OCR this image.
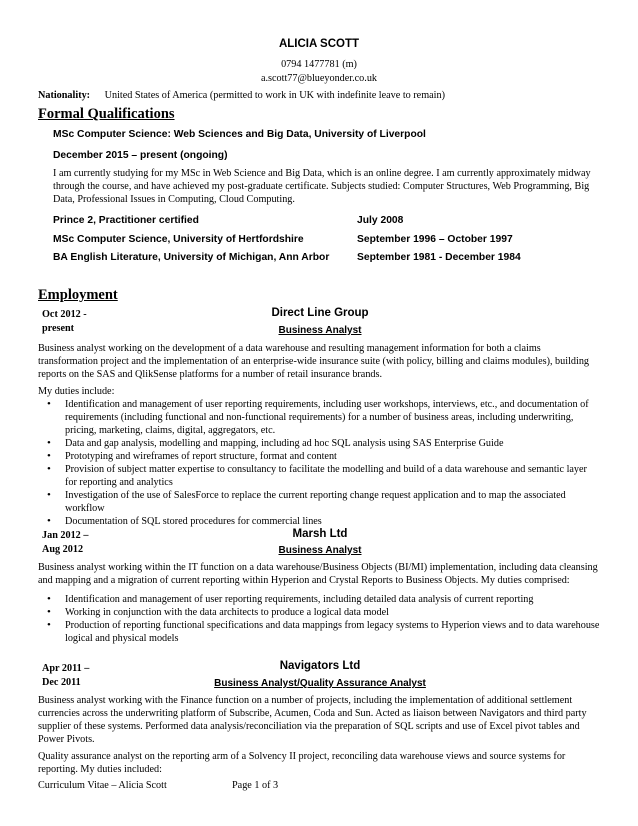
ALICIA SCOTT
0794 1477781 (m)
a.scott77@blueyonder.co.uk
Nationality: United States of America (permitted to work in UK with indefinite leave to remain)
Formal Qualifications
MSc Computer Science: Web Sciences and Big Data, University of Liverpool
December 2015 – present (ongoing)
I am currently studying for my MSc in Web Science and Big Data, which is an online degree. I am currently approximately midway through the course, and have achieved my post-graduate certificate. Subjects studied: Computer Structures, Web Programming, Big Data, Professional Issues in Computing, Cloud Computing.
Prince 2, Practitioner certified	July 2008
MSc Computer Science, University of Hertfordshire	September 1996 – October 1997
BA English Literature, University of Michigan, Ann Arbor	September 1981 - December 1984
Employment
Oct 2012 -
present
Direct Line Group
Business Analyst

Business analyst working on the development of a data warehouse and resulting management information for both a claims transformation project and the implementation of an enterprise-wide insurance suite (with policy, billing and claims modules), building reports on the SAS and QlikSense platforms for a number of retail insurance brands.

My duties include:

• Identification and management of user reporting requirements, including user workshops, interviews, etc., and documentation of requirements (including functional and non-functional requirements) for a number of business areas, including underwriting, pricing, marketing, claims, digital, aggregators, etc.
• Data and gap analysis, modelling and mapping, including ad hoc SQL analysis using SAS Enterprise Guide
• Prototyping and wireframes of report structure, format and content
• Provision of subject matter expertise to consultancy to facilitate the modelling and build of a data warehouse and semantic layer for reporting and analytics
• Investigation of the use of SalesForce to replace the current reporting change request application and to map the associated workflow
• Documentation of SQL stored procedures for commercial lines
Jan 2012 –
Aug 2012
Marsh Ltd
Business Analyst

Business analyst working within the IT function on a data warehouse/Business Objects (BI/MI) implementation, including data cleansing and mapping and a migration of current reporting within Hyperion and Crystal Reports to Business Objects. My duties comprised:

• Identification and management of user reporting requirements, including detailed data analysis of current reporting
• Working in conjunction with the data architects to produce a logical data model
• Production of reporting functional specifications and data mappings from legacy systems to Hyperion views and to data warehouse logical and physical models
Apr 2011 –
Dec 2011
Navigators Ltd
Business Analyst/Quality Assurance Analyst

Business analyst working with the Finance function on a number of projects, including the implementation of additional settlement currencies across the underwriting platform of Subscribe, Acumen, Coda and Sun. Acted as liaison between Navigators and third party supplier of these systems. Performed data analysis/reconciliation via the preparation of SQL scripts and use of Excel pivot tables and Power Pivots.

Quality assurance analyst on the reporting arm of a Solvency II project, reconciling data warehouse views and source systems for reporting. My duties included:

Curriculum Vitae – Alicia Scott	Page 1 of 3
